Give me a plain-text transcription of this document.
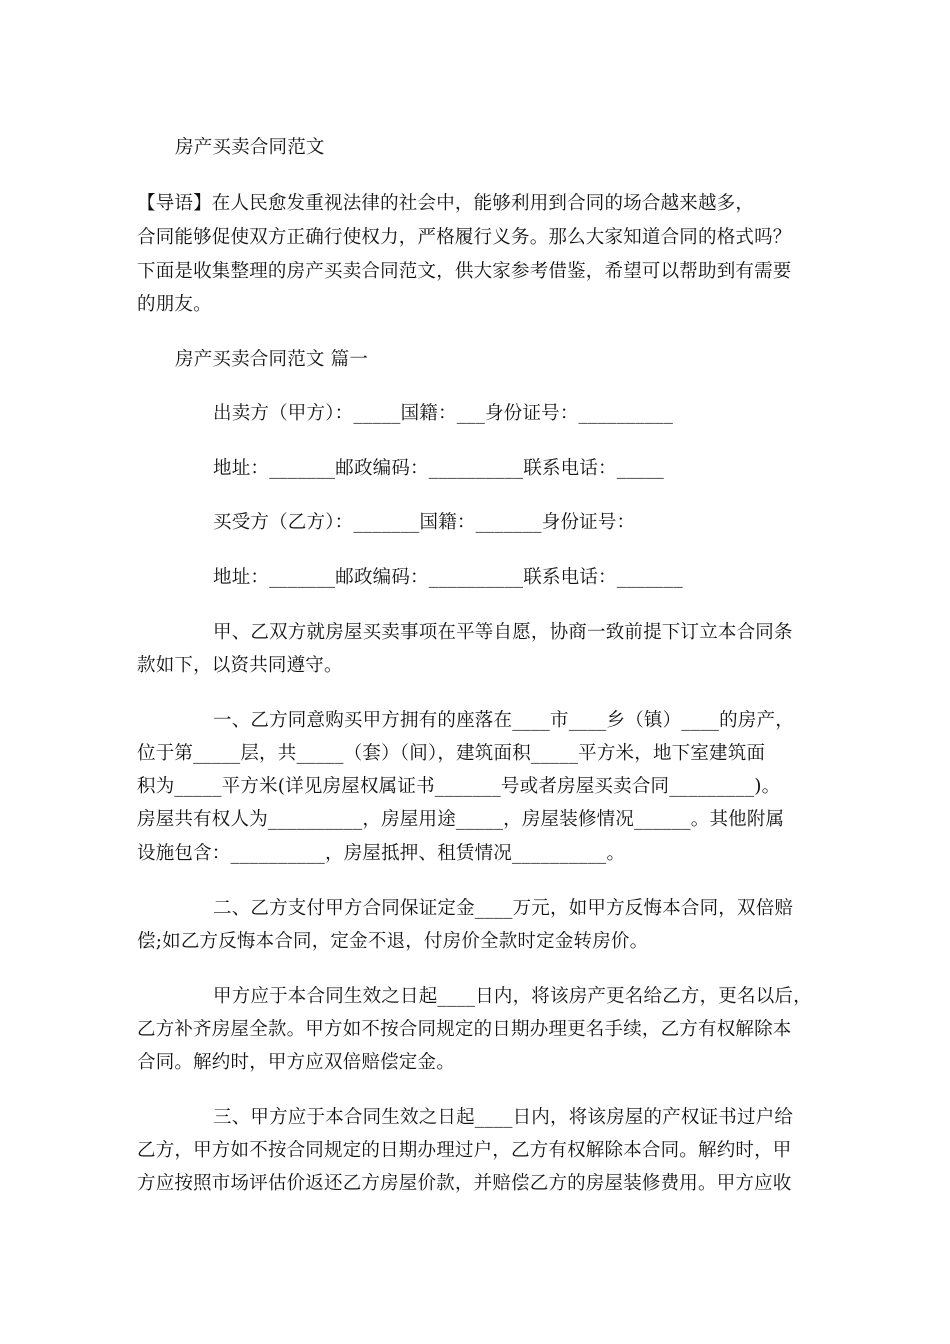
房产买卖合同范文
【导语】在人民愈发重视法律的社会中，能够利用到合同的场合越来越多，
合同能够促使双方正确行使权力，严格履行义务。那么大家知道合同的格式吗？
下面是收集整理的房产买卖合同范文，供大家参考借鉴，希望可以帮助到有需要
的朋友。
房产买卖合同范文 篇一
出卖方（甲方）：_____国籍：___身份证号：__________
地址：_______邮政编码：__________联系电话：_____
买受方（乙方）：_______国籍：_______身份证号：
地址：_______邮政编码：__________联系电话：_______
甲、乙双方就房屋买卖事项在平等自愿，协商一致前提下订立本合同条
款如下，以资共同遵守。
一、乙方同意购买甲方拥有的座落在____市____乡（镇）____的房产，
位于第_____层，共_____（套）（间），建筑面积_____平方米，地下室建筑面
积为_____平方米(详见房屋权属证书_______号或者房屋买卖合同_________)。
房屋共有权人为__________，房屋用途_____，房屋装修情况______。其他附属
设施包含：__________，房屋抵押、租赁情况__________。
二、乙方支付甲方合同保证定金____万元，如甲方反悔本合同，双倍赔
偿;如乙方反悔本合同，定金不退，付房价全款时定金转房价。
甲方应于本合同生效之日起____日内，将该房产更名给乙方，更名以后，
乙方补齐房屋全款。甲方如不按合同规定的日期办理更名手续，乙方有权解除本
合同。解约时，甲方应双倍赔偿定金。
三、甲方应于本合同生效之日起____日内，将该房屋的产权证书过户给
乙方，甲方如不按合同规定的日期办理过户，乙方有权解除本合同。解约时，甲
方应按照市场评估价返还乙方房屋价款，并赔偿乙方的房屋装修费用。甲方应收
